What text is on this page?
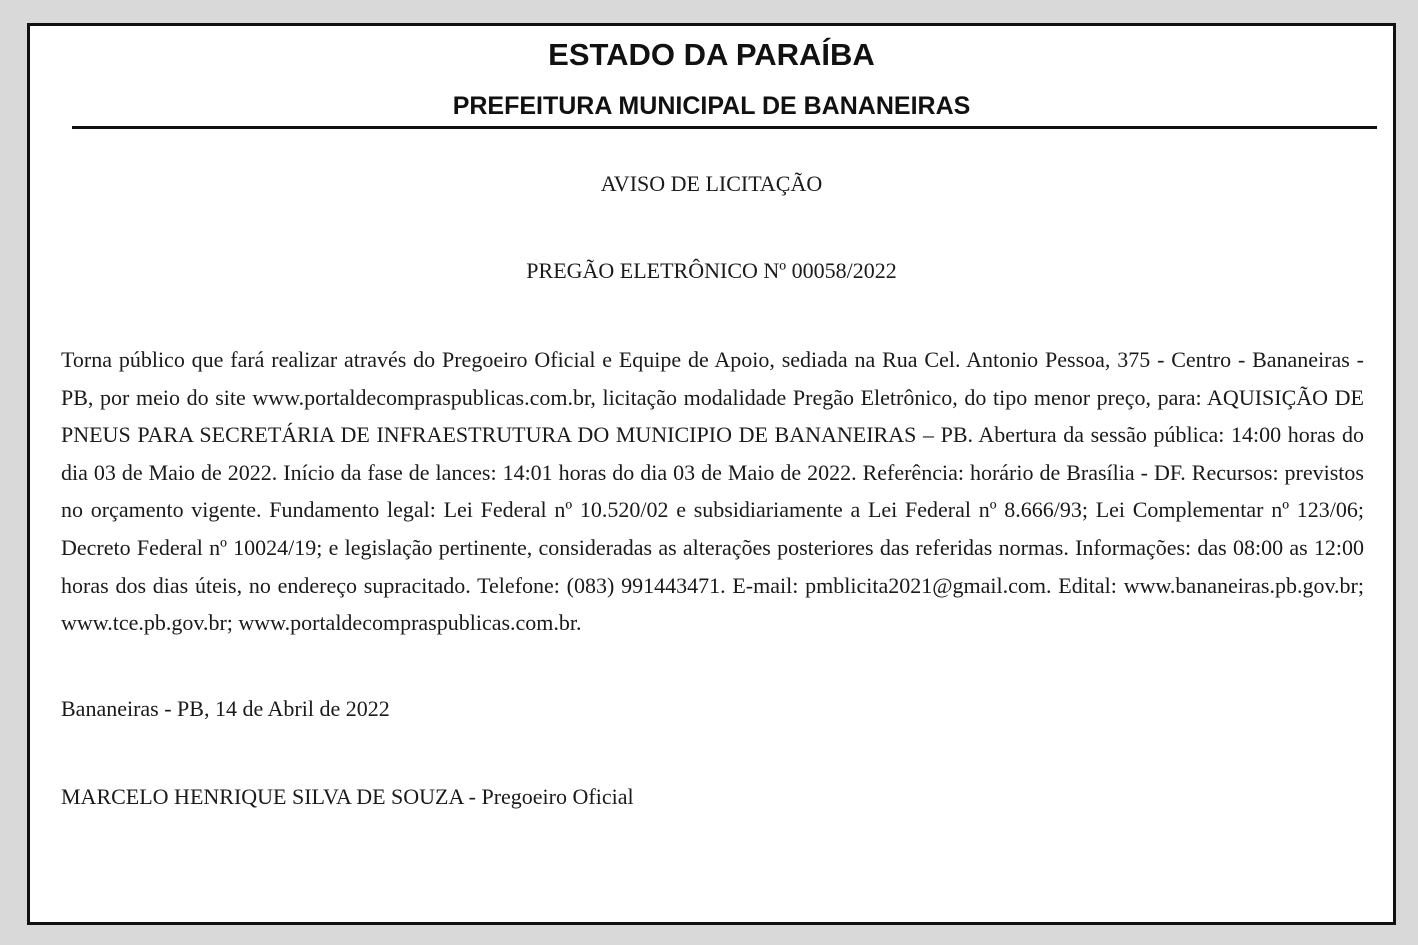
ESTADO DA PARAÍBA
PREFEITURA MUNICIPAL DE BANANEIRAS
AVISO DE LICITAÇÃO
PREGÃO ELETRÔNICO Nº 00058/2022

Torna público que fará realizar através do Pregoeiro Oficial e Equipe de Apoio, sediada na Rua Cel. Antonio Pessoa, 375 - Centro - Bananeiras - PB, por meio do site www.portaldecompraspublicas.com.br, licitação modalidade Pregão Eletrônico, do tipo menor preço, para: AQUISIÇÃO DE PNEUS PARA SECRETÁRIA DE INFRAESTRUTURA DO MUNICIPIO DE BANANEIRAS – PB. Abertura da sessão pública: 14:00 horas do dia 03 de Maio de 2022. Início da fase de lances: 14:01 horas do dia 03 de Maio de 2022. Referência: horário de Brasília - DF. Recursos: previstos no orçamento vigente. Fundamento legal: Lei Federal nº 10.520/02 e subsidiariamente a Lei Federal nº 8.666/93; Lei Complementar nº 123/06; Decreto Federal nº 10024/19; e legislação pertinente, consideradas as alterações posteriores das referidas normas. Informações: das 08:00 as 12:00 horas dos dias úteis, no endereço supracitado. Telefone: (083) 991443471. E-mail: pmblicita2021@gmail.com. Edital: www.bananeiras.pb.gov.br; www.tce.pb.gov.br; www.portaldecompraspublicas.com.br.

Bananeiras - PB, 14 de Abril de 2022
MARCELO HENRIQUE SILVA DE SOUZA - Pregoeiro Oficial
